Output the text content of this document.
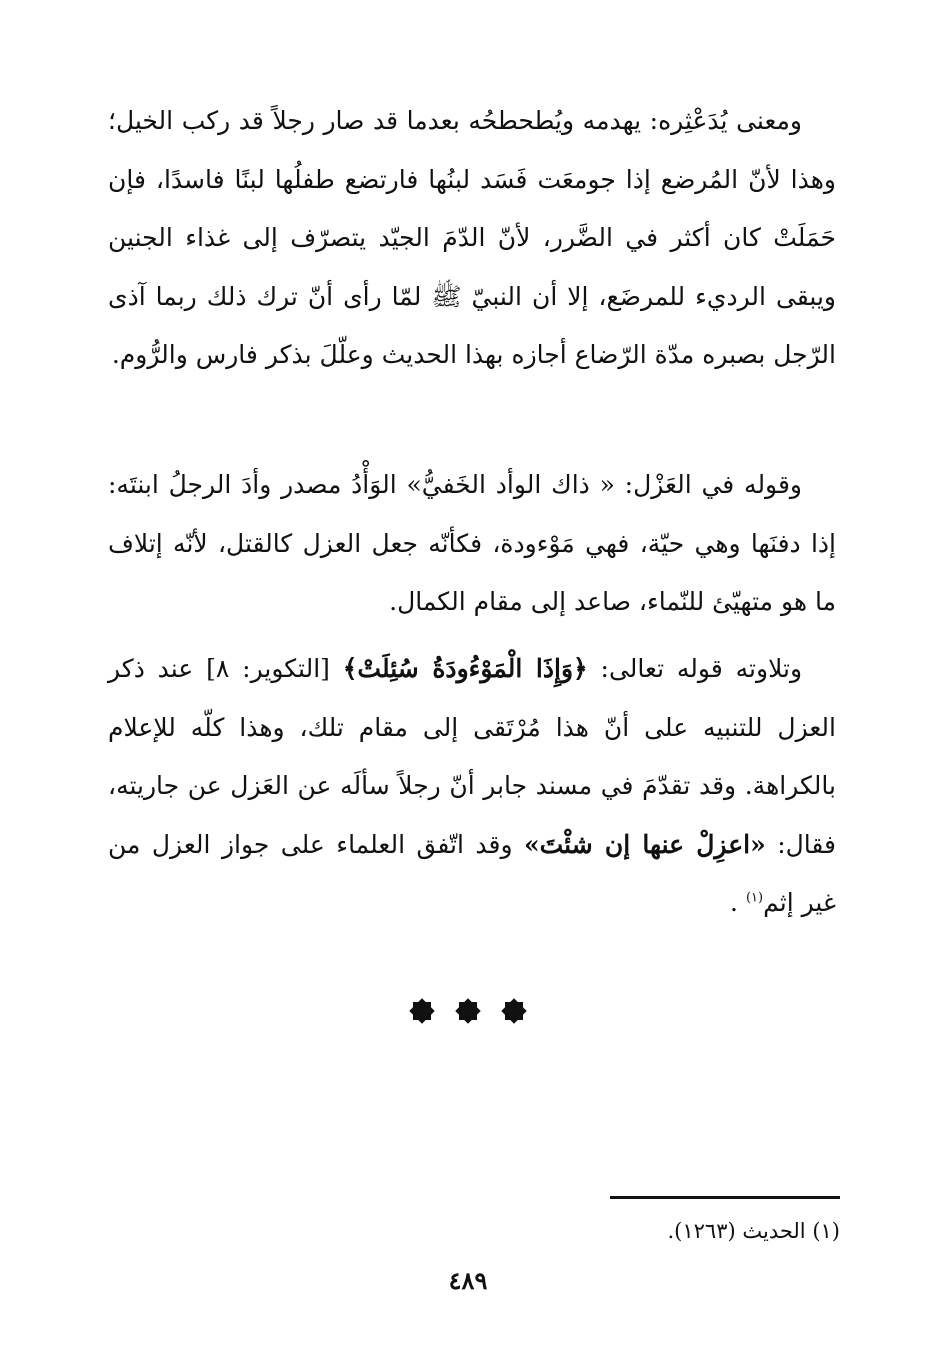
ومعنى يُدَعْثِره: يهدمه ويُطحطحُه بعدما قد صار رجلاً قد ركب الخيل؛ وهذا لأنّ المُرضع إذا جومعَت فَسَد لبنُها فارتضع طفلُها لبنًا فاسدًا، فإن حَمَلَتْ كان أكثر في الضَّرر، لأنّ الدّمَ الجيّد يتصرّف إلى غذاء الجنين ويبقى الرديء للمرضَع، إلا أن النبيّ ﷺ لمّا رأى أنّ ترك ذلك ربما آذى الرّجل بصبره مدّة الرّضاع أجازه بهذا الحديث وعلّلَ بذكر فارس والرُّوم.

وقوله في العَزْل: « ذاك الوأد الخَفيُّ» الوَأْدُ مصدر وأدَ الرجلُ ابنتَه: إذا دفنَها وهي حيّة، فهي مَوْءودة، فكأنّه جعل العزل كالقتل، لأنّه إتلاف ما هو متهيّئ للنّماء، صاعد إلى مقام الكمال.

وتلاوته قوله تعالى: ﴿وَإِذَا الْمَوْءُودَةُ سُئِلَتْ﴾ [التكوير: ٨] عند ذكر العزل للتنبيه على أنّ هذا مُرْتَقى إلى مقام تلك، وهذا كلّه للإعلام بالكراهة. وقد تقدّمَ في مسند جابر أنّ رجلاً سألَه عن العَزل عن جاريته، فقال: «اعزِلْ عنها إن شئْتَ» وقد اتّفق العلماء على جواز العزل من غير إثم$^{(١)}$ .

(١) الحديث (١٢٦٣).

٤٨٩
